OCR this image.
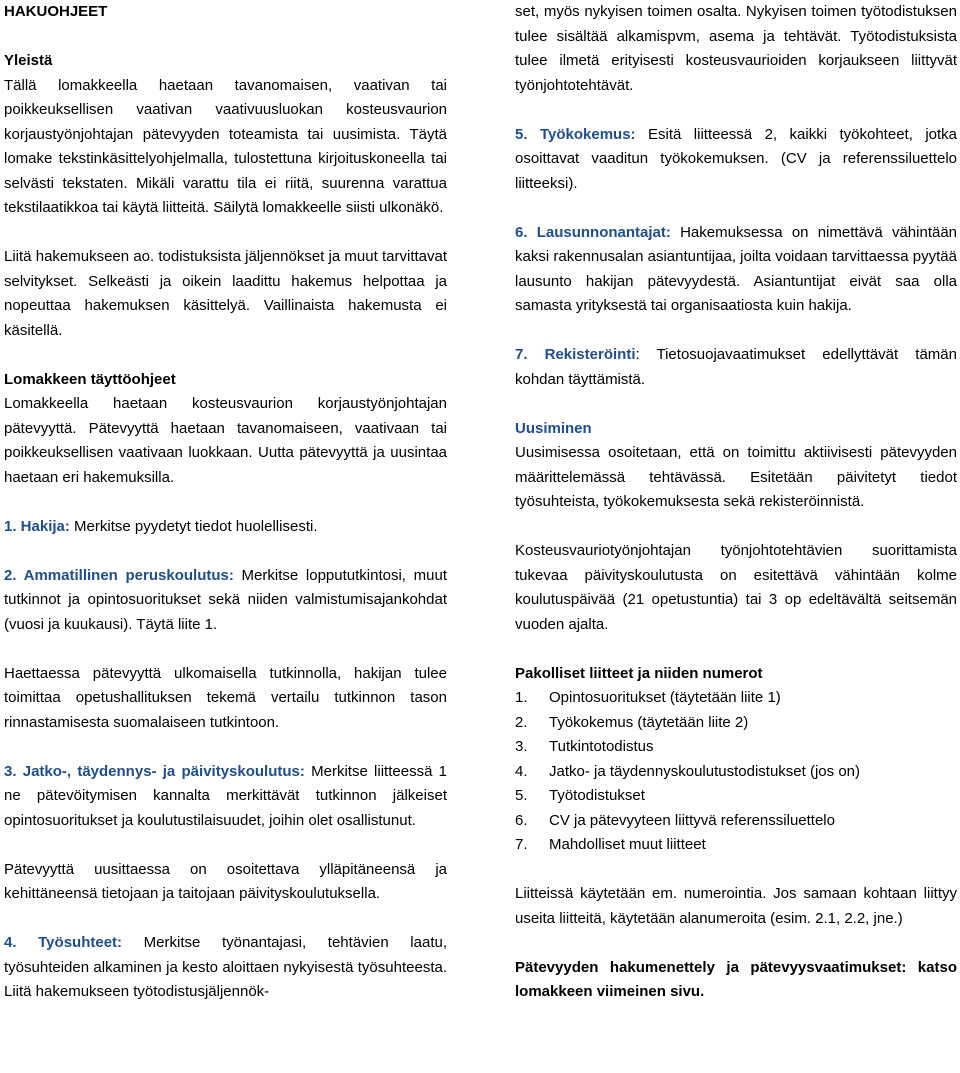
HAKUOHJEET

Yleistä

Tällä lomakkeella haetaan tavanomaisen, vaativan tai poikkeuksellisen vaativan vaativuusluokan kosteusvaurion korjaustyönjohtajan pätevyyden toteamista tai uusimista. Täytä lomake tekstinkäsittelyohjelmalla, tulostettuna kirjoituskoneella tai selvästi tekstaten. Mikäli varattu tila ei riitä, suurenna varattua tekstilaatikkoa tai käytä liitteitä. Säilytä lomakkeelle siisti ulkonäkö.

Liitä hakemukseen ao. todistuksista jäljennökset ja muut tarvittavat selvitykset. Selkeästi ja oikein laadittu hakemus helpottaa ja nopeuttaa hakemuksen käsittelyä. Vaillinaista hakemusta ei käsitellä.

Lomakkeen täyttöohjeet

Lomakkeella haetaan kosteusvaurion korjaustyönjohtajan pätevyyttä. Pätevyyttä haetaan tavanomaiseen, vaativaan tai poikkeuksellisen vaativaan luokkaan. Uutta pätevyyttä ja uusintaa haetaan eri hakemuksilla.

1. Hakija: Merkitse pyydetyt tiedot huolellisesti.

2. Ammatillinen peruskoulutus: Merkitse loppututkintosi, muut tutkinnot ja opintosuoritukset sekä niiden valmistumisajankohdat (vuosi ja kuukausi). Täytä liite 1.

Haettaessa pätevyyttä ulkomaisella tutkinnolla, hakijan tulee toimittaa opetushallituksen tekemä vertailu tutkinnon tason rinnastamisesta suomalaiseen tutkintoon.

3. Jatko-, täydennys- ja päivityskoulutus: Merkitse liitteessä 1 ne pätevöitymisen kannalta merkittävät tutkinnon jälkeiset opintosuoritukset ja koulutustilaisuudet, joihin olet osallistunut.

Pätevyyttä uusittaessa on osoitettava ylläpitäneensä ja kehittäneensä tietojaan ja taitojaan päivityskoulutuksella.

4. Työsuhteet: Merkitse työnantajasi, tehtävien laatu, työsuhteiden alkaminen ja kesto aloittaen nykyisestä työsuhteesta. Liitä hakemukseen työtodistusjäljennök-

set, myös nykyisen toimen osalta. Nykyisen toimen työtodistuksen tulee sisältää alkamispvm, asema ja tehtävät. Työtodistuksista tulee ilmetä erityisesti kosteusvaurioiden korjaukseen liittyvät työnjohtotehtävät.

5. Työkokemus: Esitä liitteessä 2, kaikki työkohteet, jotka osoittavat vaaditun työkokemuksen. (CV ja referenssiluettelo liitteeksi).

6. Lausunnonantajat: Hakemuksessa on nimettävä vähintään kaksi rakennusalan asiantuntijaa, joilta voidaan tarvittaessa pyytää lausunto hakijan pätevyydestä. Asiantuntijat eivät saa olla samasta yrityksestä tai organisaatiosta kuin hakija.

7. Rekisteröinti: Tietosuojavaatimukset edellyttävät tämän kohdan täyttämistä.

Uusiminen

Uusimisessa osoitetaan, että on toimittu aktiivisesti pätevyyden määrittelemässä tehtävässä. Esitetään päivitetyt tiedot työsuhteista, työkokemuksesta sekä rekisteröinnistä.

Kosteusvauriotyönjohtajan työnjohtotehtävien suorittamista tukevaa päivityskoulutusta on esitettävä vähintään kolme koulutuspäivää (21 opetustuntia) tai 3 op edeltävältä seitsemän vuoden ajalta.

Pakolliset liitteet ja niiden numerot

1.	Opintosuoritukset (täytetään liite 1)
2.	Työkokemus (täytetään liite 2)
3.	Tutkintotodistus
4.	Jatko- ja täydennyskoulutustodistukset (jos on)
5.	Työtodistukset
6.	CV ja pätevyyteen liittyvä referenssiluettelo
7.	Mahdolliset muut liitteet

Liitteissä käytetään em. numerointia. Jos samaan kohtaan liittyy useita liitteitä, käytetään alanumeroita (esim. 2.1, 2.2, jne.)

Pätevyyden hakumenettely ja pätevyysvaatimukset: katso lomakkeen viimeinen sivu.
